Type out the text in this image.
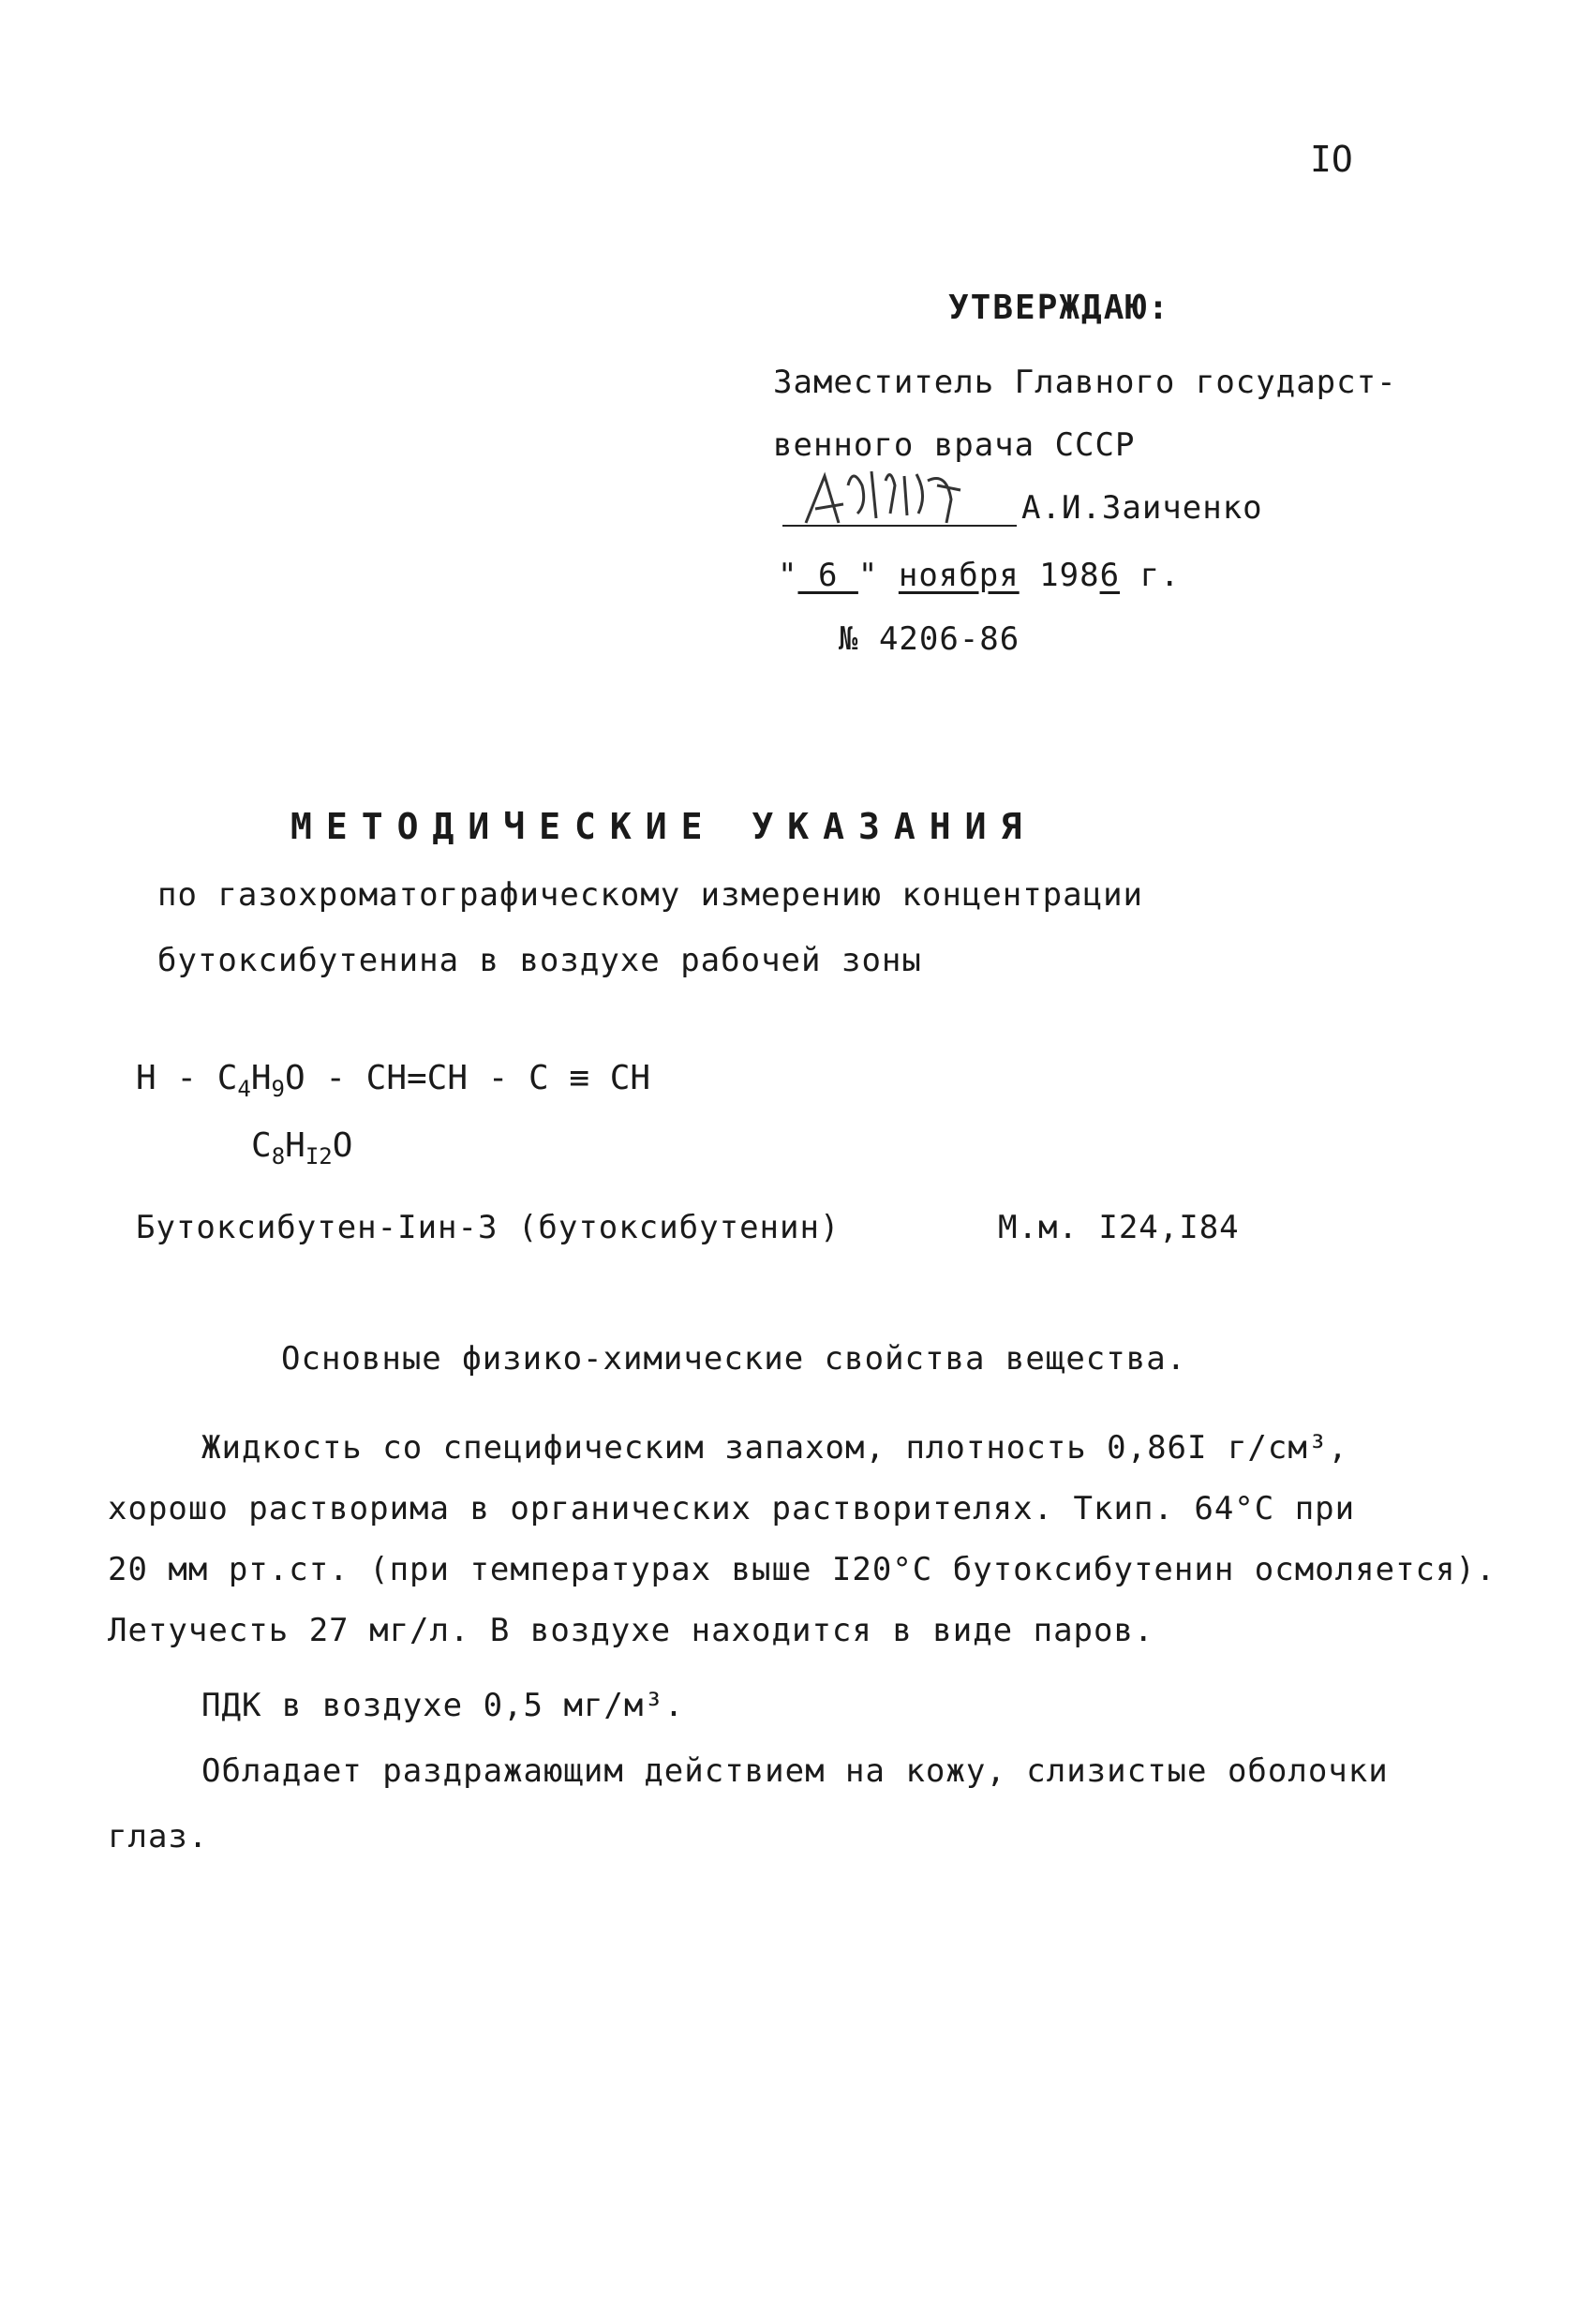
IO
УТВЕРЖДАЮ:
Заместитель Главного государст-
венного врача СССР
А.И.Заиченко
" 6 " ноября 1986 г.
№ 4206-86
МЕТОДИЧЕСКИЕ УКАЗАНИЯ
по газохроматографическому измерению концентрации
бутоксибутенина в воздухе рабочей зоны
$Н - С_4Н_9О - СН=СН - С$ ≡ СН
$С_8Н_{I2}О$
Бутоксибутен-Iин-3 (бутоксибутенин)	М.м. I24,I84
Основные физико-химические свойства вещества.
Жидкость со специфическим запахом, плотность 0,86I г/см³,
хорошо растворима в органических растворителях. Ткип. 64°С при
20 мм рт.ст. (при температурах выше I20°С бутоксибутенин осмоляется).
Летучесть 27 мг/л. В воздухе находится в виде паров.
ПДК в воздухе 0,5 мг/м³.
Обладает раздражающим действием на кожу, слизистые оболочки
глаз.
